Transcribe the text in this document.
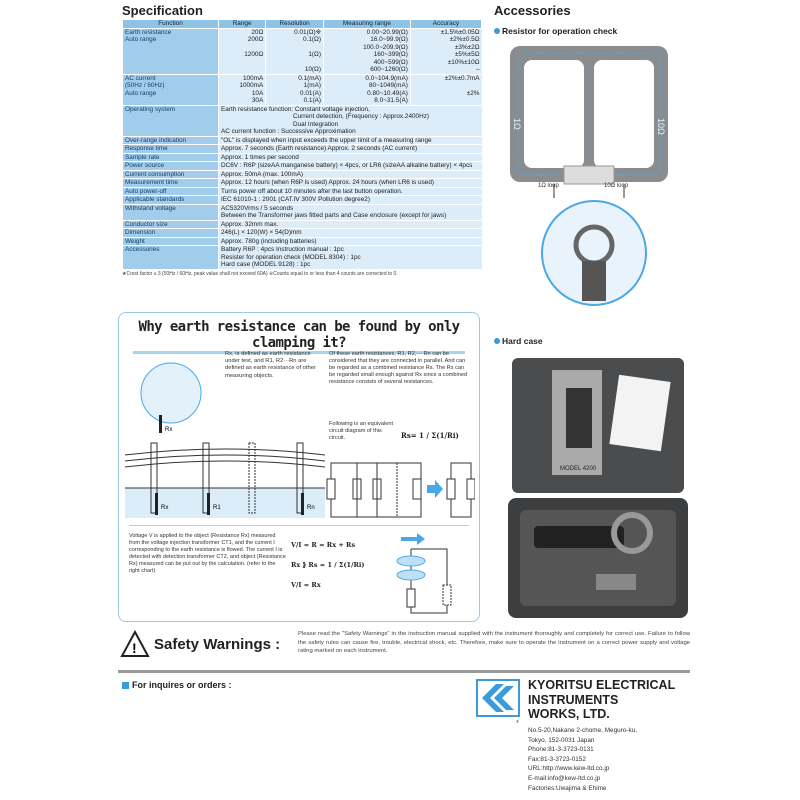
Specification
Function	Range	Resolution	Measuring range	Accuracy
Earth resistance	20Ω	0.01(Ω)※	0.00~20.99(Ω)	±1.5%±0.05Ω
Auto range	200Ω	0.1(Ω)	16.0~99.9(Ω)	±2%±0.5Ω
			100.0~209.9(Ω)	±3%±2Ω
	1200Ω	1(Ω)	160~399(Ω)	±5%±5Ω
			400~599(Ω)	±10%±10Ω
		10(Ω)	600~1260(Ω)	–
AC current	100mA	0.1(mA)	0.0~104.9(mA)	±2%±0.7mA
(50Hz / 60Hz)	1000mA	1(mA)	80~1049(mA)	
Auto range	10A	0.01(A)	0.80~10.49(A)	±2%
	30A	0.1(A)	8.0~31.5(A)	
Operating system	Earth resistance function: Constant voltage injection,
Current detection, (Frequency : Approx.2400Hz)
Dual Integration
AC current function : Successive Approximation			

Over-range indication	"OL" is displayed when input exceeds the upper limit of a measuring range			

Response time	Approx. 7 seconds (Earth resistance) Approx. 2 seconds (AC current)			

Sample rate	Approx. 1 times per second			

Power source	DC6V : R6P (sizeAA manganese battery) × 4pcs, or LR6 (sizeAA alkaline battery) × 4pcs			

Current consumption	Approx. 50mA (max. 100mA)			

Measurement time	Approx. 12 hours (when R6P is used) Approx. 24 hours (when LR6 is used)			

Auto power-off	Turns power off about 10 minutes after the last button operation.			

Applicable standards	IEC 61010-1 : 2001 (CAT.Ⅳ 300V Pollution degree2)			

Withstand voltage	AC5320Vrms / 5 seconds
Between the Transformer jaws fitted parts and Case enclosure (except for jaws)			

Conductor size	Approx. 32mm max.			

Dimension	246(L) × 120(W) × 54(D)mm			

Weight	Approx. 780g (including batteries)			

Accessories	Battery R6P : 4pcs Instruction manual : 1pc
Resister for operation check (MODEL 8304) : 1pc
Hard case (MODEL 9128) : 1pc			
★Crest factor ≤ 3 (50Hz / 60Hz, peak value shall not exceed 60A) ※Counts equal to or less than 4 counts are corrected to 0.
Accessories
Resistor for operation check
1Ω	10Ω
1Ω loop	10Ω loop
Hard case
MODEL 4200
Why earth resistance can be found by only clamping it?
Rx
Rx	R1	Rn
Rx, is defined as earth resistance under test, and R1, R2···Rn are defined as earth resistance of other measuring objects.
Of these earth resistances, R1, R2,··· Rn can be considered that they are connected in parallel. And can be regarded as a combined resistance Rs. The Rs can be regarded small enough against Rx since a combined resistance consists of several resistances.
Following is an equivalent circuit diagram of this circuit.	Rs= 1 / Σ(1/Ri)
Voltage V is applied to the object (Resistance Rx) measured from the voltage injection transformer CT1, and the current I corresponding to the earth resistance is flowed. The current I is detected with detection transformer CT2, and object (Resistance Rx) measured can be put out by the calculation. (refer to the right chart)
V/I = R = Rx + Rs
Rx ⟫ Rs = 1 / Σ(1/Ri)
V/I = Rx
! Safety Warnings :
Please read the "Safety Warnings" in the instruction manual supplied with the instrument thoroughly and completely for correct use. Failure to follow the safety rules can cause fire, trouble, electrical shock, etc. Therefore, make sure to operate the instrument on a correct power supply and voltage rating marked on each instrument.
For inquires or orders :
®
KYORITSU ELECTRICAL
INSTRUMENTS
WORKS, LTD.
No.5-20,Nakane 2-chome, Meguro-ku,
Tokyo, 152-0031 Japan
Phone:81-3-3723-0131
Fax:81-3-3723-0152
URL:http://www.kew-ltd.co.jp
E-mail:info@kew-ltd.co.jp
Factories:Uwajima & Ehime
